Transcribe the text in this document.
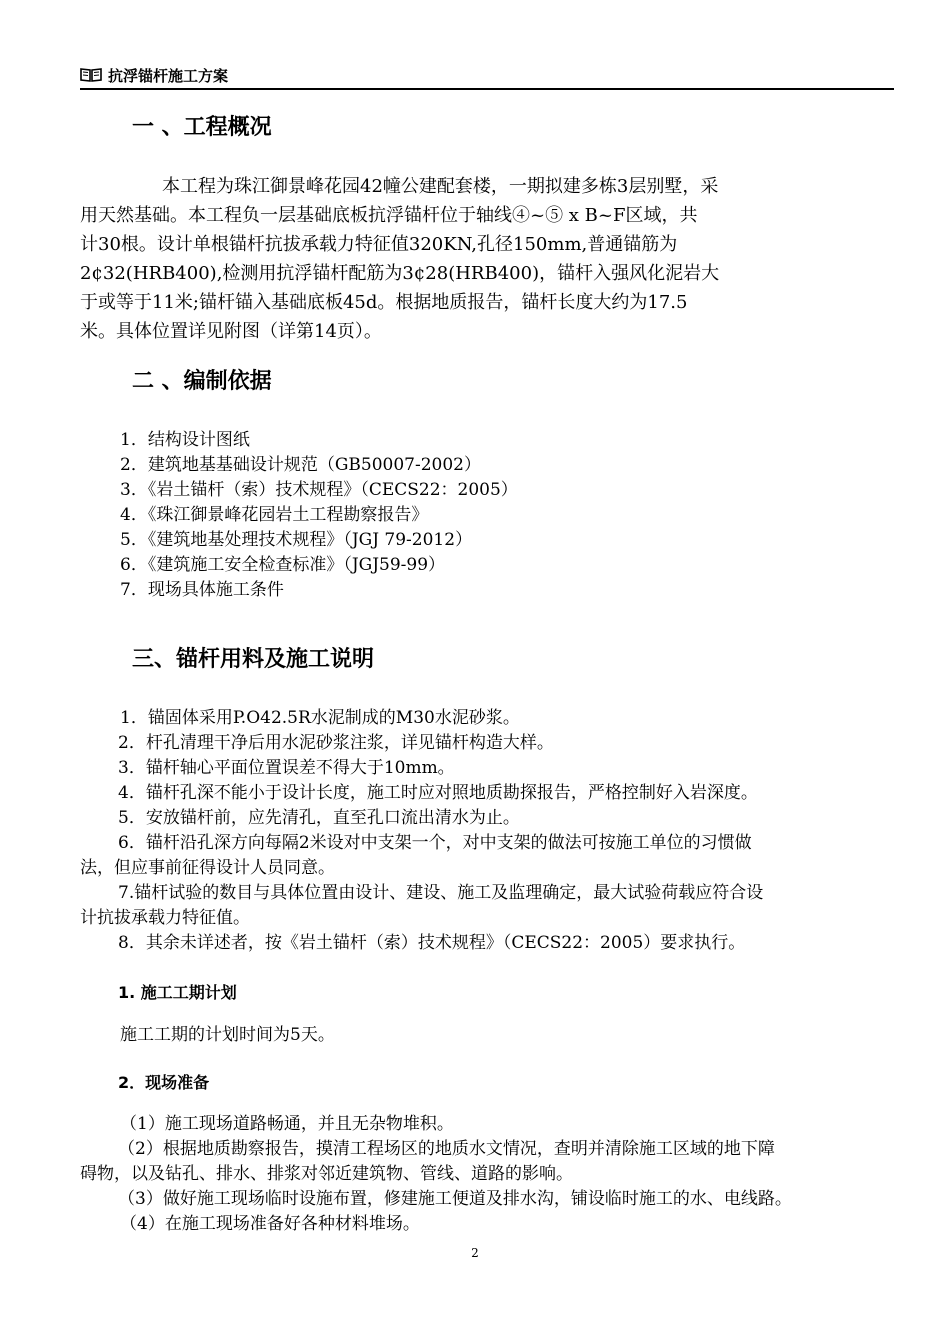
抗浮锚杆施工方案
一 、工程概况
本工程为珠江御景峰花园42幢公建配套楼，一期拟建多栋3层别墅，采
用天然基础。本工程负一层基础底板抗浮锚杆位于轴线④~⑤ x B~F区域，共
计30根。设计单根锚杆抗拔承载力特征值320KN,孔径150mm,普通锚筋为
2¢32(HRB400),检测用抗浮锚杆配筋为3¢28(HRB400)，锚杆入强风化泥岩大
于或等于11米;锚杆锚入基础底板45d。根据地质报告，锚杆长度大约为17.5
米。具体位置详见附图（详第14页）。
二 、编制依据
1．结构设计图纸
2．建筑地基基础设计规范（GB50007-2002）
3．《岩土锚杆（索）技术规程》（CECS22：2005）
4．《珠江御景峰花园岩土工程勘察报告》
5．《建筑地基处理技术规程》（JGJ 79-2012）
6．《建筑施工安全检查标准》（JGJ59-99）
7．现场具体施工条件
三、锚杆用料及施工说明
1．锚固体采用P.O42.5R水泥制成的M30水泥砂浆。
2．杆孔清理干净后用水泥砂浆注浆，详见锚杆构造大样。
3．锚杆轴心平面位置误差不得大于10mm。
4．锚杆孔深不能小于设计长度，施工时应对照地质勘探报告，严格控制好入岩深度。
5．安放锚杆前，应先清孔，直至孔口流出清水为止。
6．锚杆沿孔深方向每隔2米设对中支架一个，对中支架的做法可按施工单位的习惯做
法，但应事前征得设计人员同意。
7.锚杆试验的数目与具体位置由设计、建设、施工及监理确定，最大试验荷载应符合设
计抗拔承载力特征值。
8．其余未详述者，按《岩土锚杆（索）技术规程》（CECS22：2005）要求执行。
1. 施工工期计划
施工工期的计划时间为5天。
2．现场准备
（1）施工现场道路畅通，并且无杂物堆积。
（2）根据地质勘察报告，摸清工程场区的地质水文情况，查明并清除施工区域的地下障
碍物，以及钻孔、排水、排浆对邻近建筑物、管线、道路的影响。
（3）做好施工现场临时设施布置，修建施工便道及排水沟，铺设临时施工的水、电线路。
（4）在施工现场准备好各种材料堆场。
2
